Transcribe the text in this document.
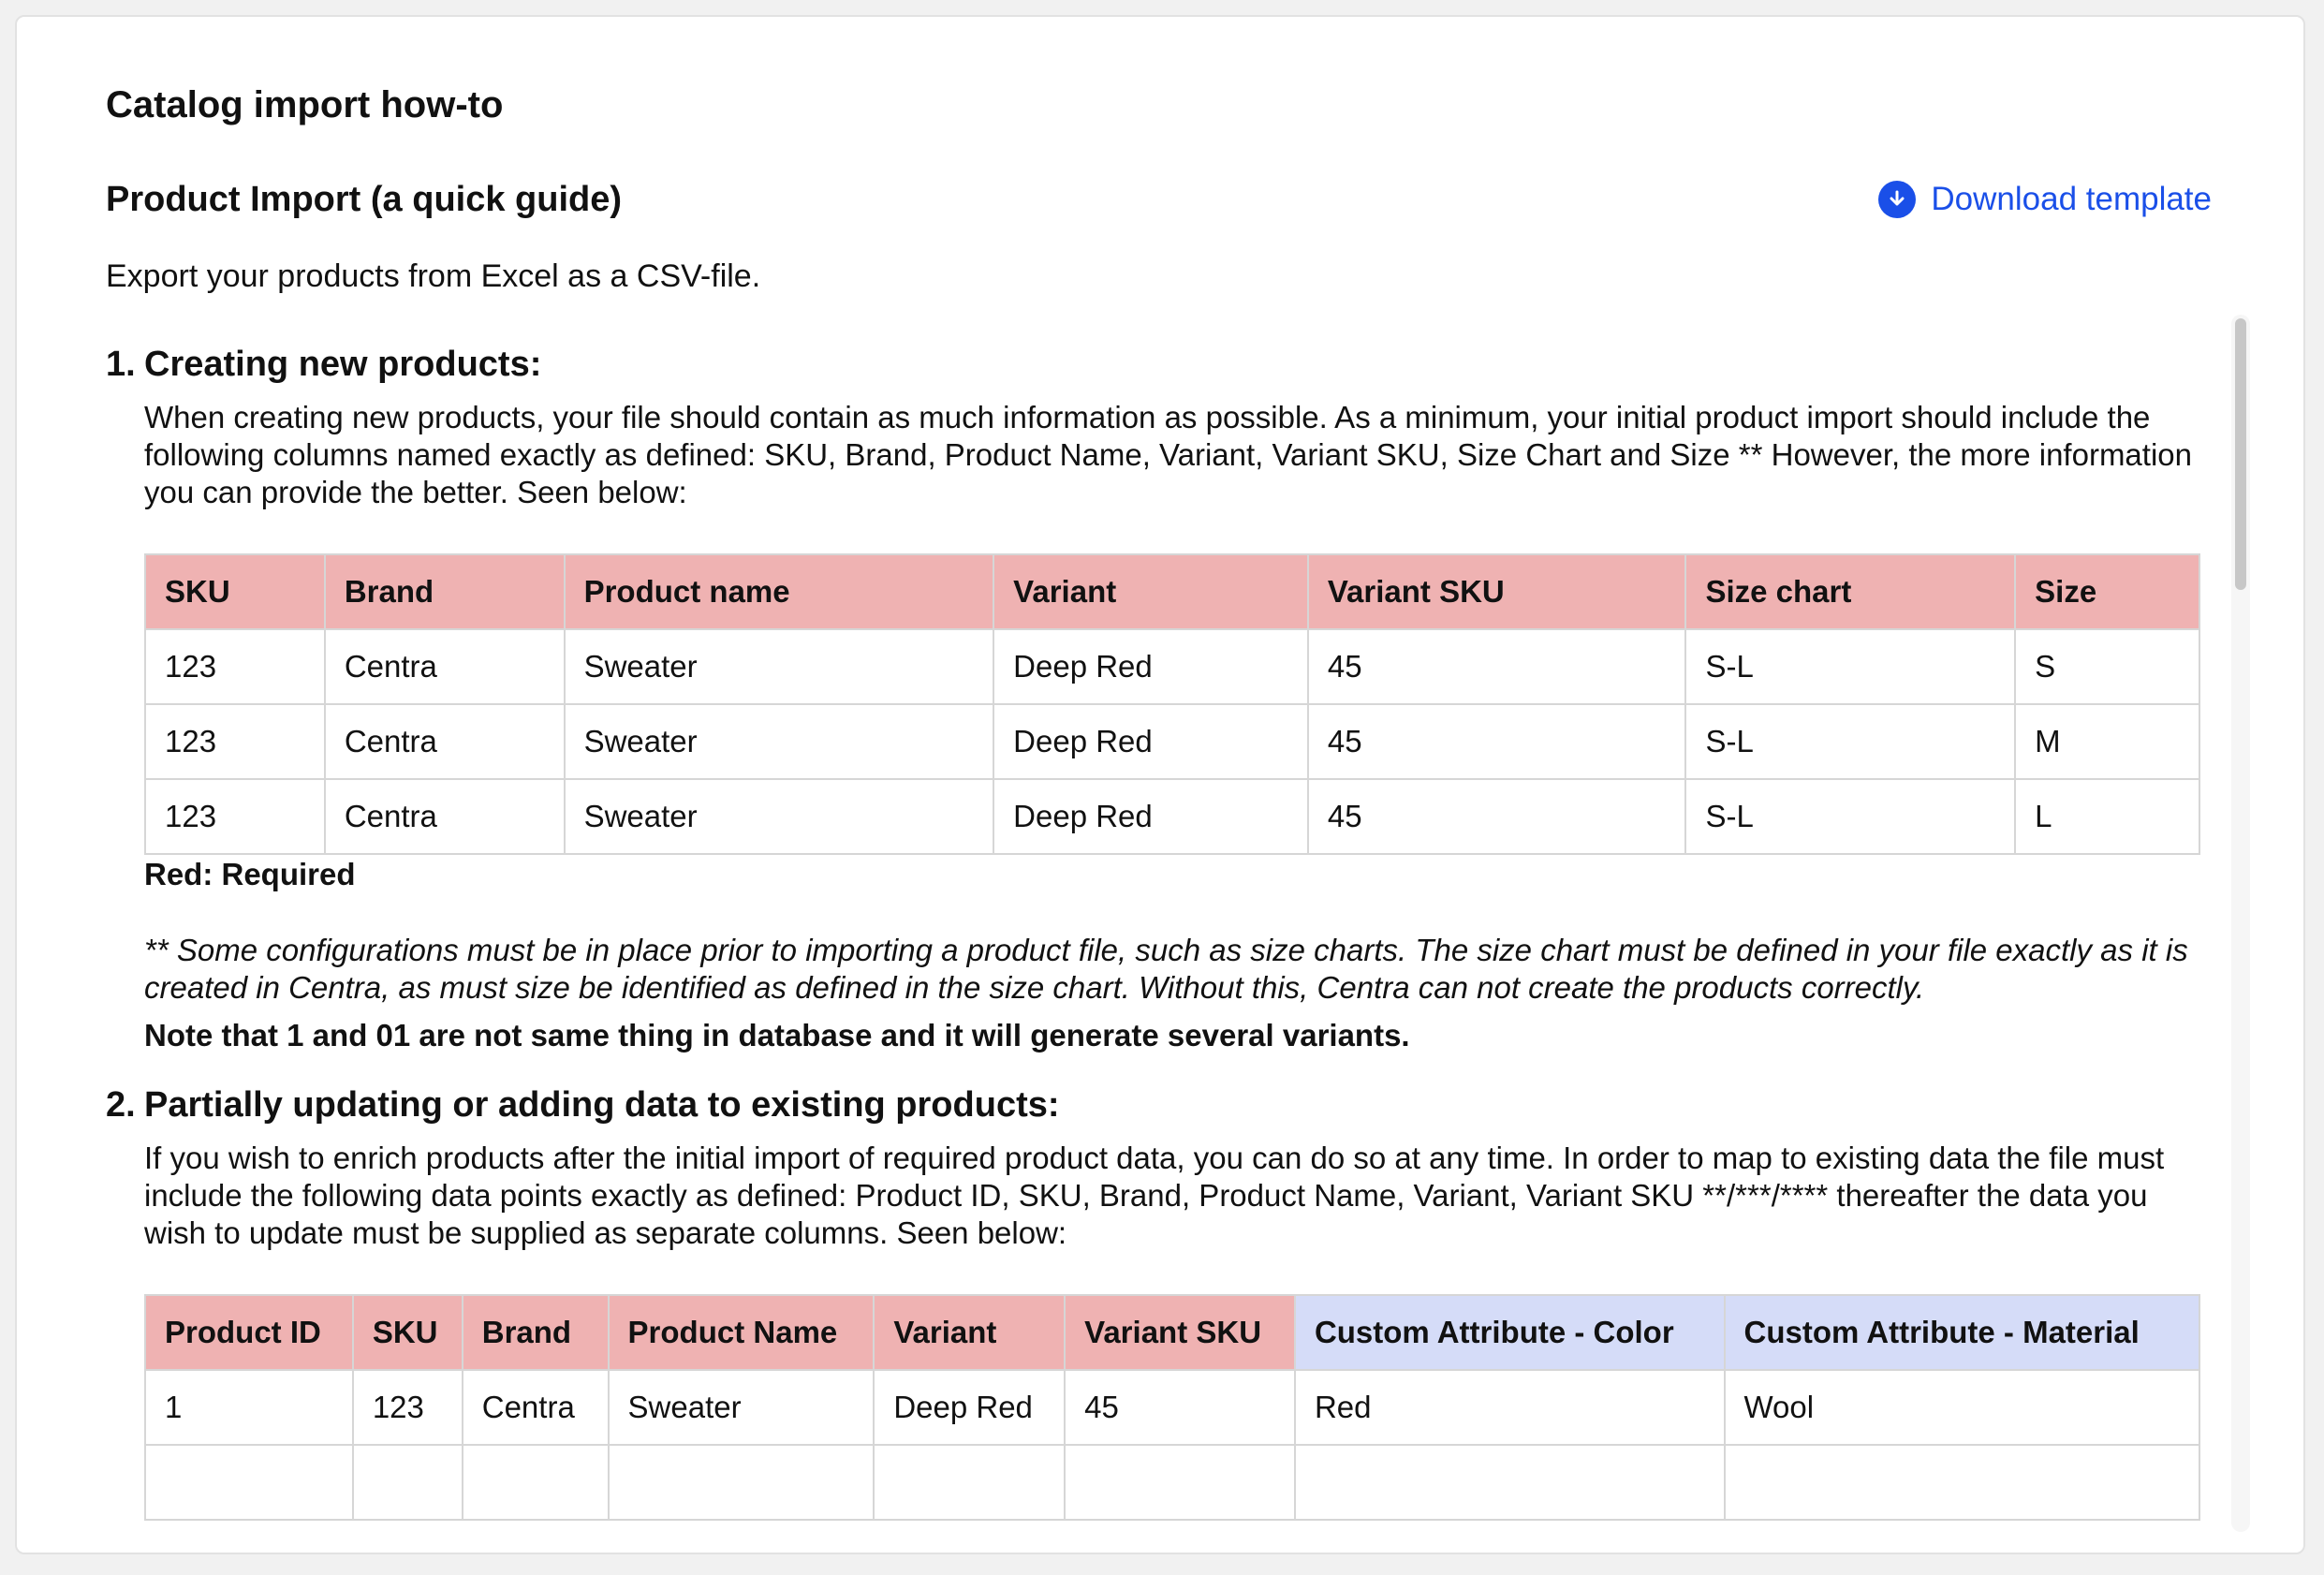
Catalog import how-to
Product Import (a quick guide)	Download template

Export your products from Excel as a CSV-file.

1. Creating new products:

When creating new products, your file should contain as much information as possible. As a minimum, your initial product import should include the following columns named exactly as defined: SKU, Brand, Product Name, Variant, Variant SKU, Size Chart and Size ** However, the more information you can provide the better. Seen below:

SKU	Brand	Product name	Variant	Variant SKU	Size chart	Size
123	Centra	Sweater	Deep Red	45	S-L	S
123	Centra	Sweater	Deep Red	45	S-L	M
123	Centra	Sweater	Deep Red	45	S-L	L

Red: Required

** Some configurations must be in place prior to importing a product file, such as size charts. The size chart must be defined in your file exactly as it is created in Centra, as must size be identified as defined in the size chart. Without this, Centra can not create the products correctly.

Note that 1 and 01 are not same thing in database and it will generate several variants.

2. Partially updating or adding data to existing products:

If you wish to enrich products after the initial import of required product data, you can do so at any time. In order to map to existing data the file must include the following data points exactly as defined: Product ID, SKU, Brand, Product Name, Variant, Variant SKU **/***/**** thereafter the data you wish to update must be supplied as separate columns. Seen below:

Product ID	SKU	Brand	Product Name	Variant	Variant SKU	Custom Attribute - Color	Custom Attribute - Material
1	123	Centra	Sweater	Deep Red	45	Red	Wool
